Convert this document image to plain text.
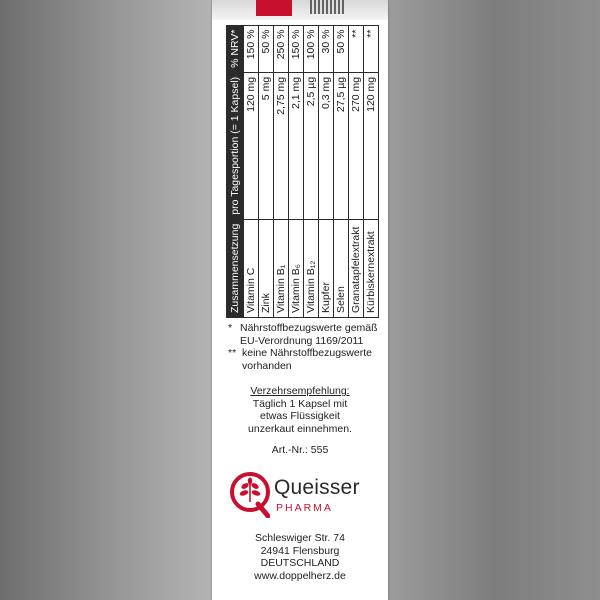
* Nährstoffbezugswerte gemäß EU-Verordnung 1169/2011
** keine Nährstoffbezugswerte vorhanden
Verzehrsempfehlung:
Täglich 1 Kapsel mit
etwas Flüssigkeit
unzerkaut einnehmen.
Art.-Nr.: 555
Queisser
PHARMA
Schleswiger Str. 74
24941 Flensburg
DEUTSCHLAND
www.doppelherz.de
Zusammensetzung	pro Tagesportion (= 1 Kapsel)	% NRV*
Vitamin C	120 mg	150 %
Zink	5 mg	50 %
Vitamin B₁	2,75 mg	250 %
Vitamin B₆	2,1 mg	150 %
Vitamin B₁₂	2,5 µg	100 %
Kupfer	0,3 mg	30 %
Selen	27,5 µg	50 %
Granatapfelextrakt	270 mg	**
Kürbiskernextrakt	120 mg	**
